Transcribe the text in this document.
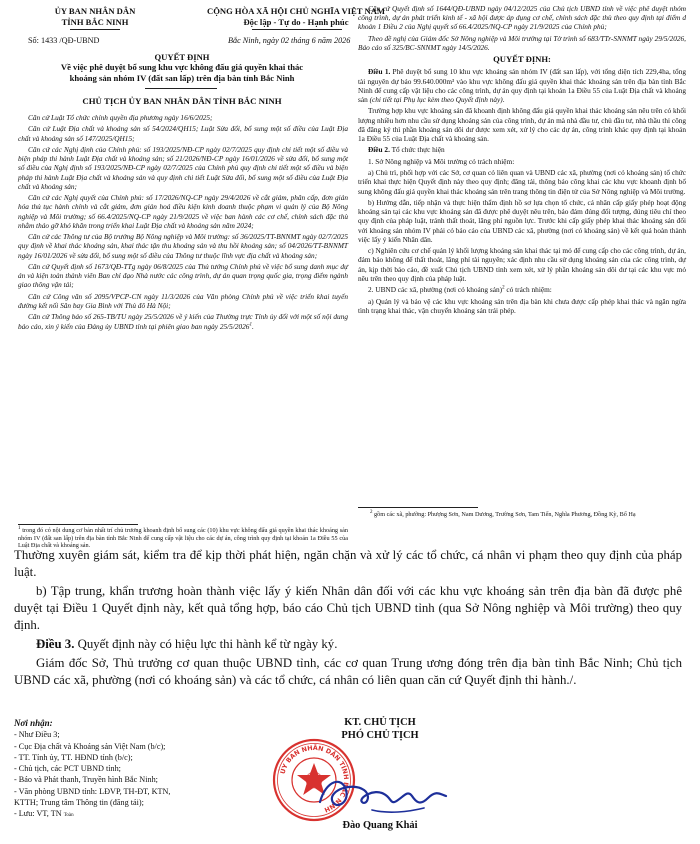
ỦY BAN NHÂN DÂN
TỈNH BẮC NINH
Số: 1433 /QĐ-UBND
CỘNG HÒA XÃ HỘI CHỦ NGHĨA VIỆT NAM
Độc lập - Tự do - Hạnh phúc
Bắc Ninh, ngày 02 tháng 6 năm 2026
QUYẾT ĐỊNH
Về việc phê duyệt bổ sung khu vực không đấu giá quyền khai thác
khoáng sản nhóm IV (đất san lấp) trên địa bàn tỉnh Bắc Ninh
CHỦ TỊCH ỦY BAN NHÂN DÂN TỈNH BẮC NINH

Căn cứ Luật Tổ chức chính quyền địa phương ngày 16/6/2025;

Căn cứ Luật Địa chất và khoáng sản số 54/2024/QH15; Luật Sửa đổi, bổ sung một số điều của Luật Địa chất và khoáng sản số 147/2025/QH15;

Căn cứ các Nghị định của Chính phủ: số 193/2025/NĐ-CP ngày 02/7/2025 quy định chi tiết một số điều và biện pháp thi hành Luật Địa chất và khoáng sản; số 21/2026/NĐ-CP ngày 16/01/2026 về sửa đổi, bổ sung một số điều của Nghị định số 193/2025/NĐ-CP ngày 02/7/2025 của Chính phủ quy định chi tiết một số điều và biện pháp thi hành Luật Địa chất và khoáng sản và quy định chi tiết Luật Sửa đổi, bổ sung một số điều của Luật Địa chất và khoáng sản;

Căn cứ các Nghị quyết của Chính phủ: số 17/2026/NQ-CP ngày 29/4/2026 về cắt giảm, phân cấp, đơn giản hóa thủ tục hành chính và cắt giảm, đơn giản hoá điều kiện kinh doanh thuộc phạm vi quản lý của Bộ Nông nghiệp và Môi trường; số 66.4/2025/NQ-CP ngày 21/9/2025 về việc ban hành các cơ chế, chính sách đặc thù nhằm tháo gỡ khó khăn trong triển khai Luật Địa chất và khoáng sản năm 2024;

Căn cứ các Thông tư của Bộ trưởng Bộ Nông nghiệp và Môi trường: số 36/2025/TT-BNNMT ngày 02/7/2025 quy định về khai thác khoáng sản, khai thác tận thu khoáng sản và thu hồi khoáng sản; số 04/2026/TT-BNNMT ngày 16/01/2026 về sửa đổi, bổ sung một số điều của Thông tư thuộc lĩnh vực địa chất và khoáng sản;

Căn cứ Quyết định số 1673/QĐ-TTg ngày 06/8/2025 của Thủ tướng Chính phủ về việc bổ sung danh mục dự án và kiện toàn thành viên Ban chỉ đạo Nhà nước các công trình, dự án quan trọng quốc gia, trọng điểm ngành giao thông vận tải;

Căn cứ Công văn số 2095/VPCP-CN ngày 11/3/2026 của Văn phòng Chính phủ về việc triển khai tuyến đường kết nối Sân bay Gia Bình với Thủ đô Hà Nội;

Căn cứ Thông báo số 265-TB/TU ngày 25/5/2026 về ý kiến của Thường trực Tỉnh ủy đối với một số nội dung báo cáo, xin ý kiến của Đảng ủy UBND tỉnh tại phiên giao ban ngày 25/5/2026$^1$.

$^1$ trong đó có nội dung cơ bản nhất trí chủ trương khoanh định bổ sung các (10) khu vực không đấu giá quyền khai thác khoáng sản nhóm IV (đất san lấp) trên địa bàn tỉnh Bắc Ninh để cung cấp vật liệu cho các dự án, công trình quy định tại khoản 1a Điều 55 của Luật Địa chất và khoáng sản.

Căn cứ Quyết định số 1644/QĐ-UBND ngày 04/12/2025 của Chủ tịch UBND tỉnh về việc phê duyệt nhóm công trình, dự án phát triển kinh tế - xã hội được áp dụng cơ chế, chính sách đặc thù theo quy định tại điểm d khoản 1 Điều 2 của Nghị quyết số 66.4/2025/NQ-CP ngày 21/9/2025 của Chính phủ;

Theo đề nghị của Giám đốc Sở Nông nghiệp và Môi trường tại Tờ trình số 683/TTr-SNNMT ngày 29/5/2026, Báo cáo số 325/BC-SNNMT ngày 14/5/2026.

QUYẾT ĐỊNH:

Điều 1. Phê duyệt bổ sung 10 khu vực khoáng sản nhóm IV (đất san lấp), với tổng diện tích 229,4ha, tổng tài nguyên dự báo 99.640.000m³ vào khu vực không đấu giá quyền khai thác khoáng sản trên địa bàn tỉnh Bắc Ninh để cung cấp vật liệu cho các công trình, dự án quy định tại khoản 1a Điều 55 của Luật Địa chất và khoáng sản (chi tiết tại Phụ lục kèm theo Quyết định này).

Trường hợp khu vực khoáng sản đã khoanh định không đấu giá quyền khai thác khoáng sản nêu trên có khối lượng nhiều hơn nhu cầu sử dụng khoáng sản của công trình, dự án mà nhà đầu tư, chủ đầu tư, nhà thầu thi công đã đăng ký thì phần khoáng sản dôi dư được xem xét, xử lý cho các dự án, công trình khác quy định tại khoản 1a Điều 55 của Luật Địa chất và khoáng sản.

Điều 2. Tổ chức thực hiện

1. Sở Nông nghiệp và Môi trường có trách nhiệm:

a) Chủ trì, phối hợp với các Sở, cơ quan có liên quan và UBND các xã, phường (nơi có khoáng sản) tổ chức triển khai thực hiện Quyết định này theo quy định; đăng tải, thông báo công khai các khu vực khoanh định bổ sung không đấu giá quyền khai thác khoáng sản trên trang thông tin điện tử của Sở Nông nghiệp và Môi trường.

b) Hướng dẫn, tiếp nhận và thực hiện thẩm định hồ sơ lựa chọn tổ chức, cá nhân cấp giấy phép hoạt động khoáng sản tại các khu vực khoáng sản đã được phê duyệt nêu trên, bảo đảm đúng đối tượng, đúng tiêu chí theo quy định của pháp luật, tránh thất thoát, lãng phí nguồn lực. Trước khi cấp giấy phép khai thác khoáng sản đối với khoáng sản nhóm IV phải có báo cáo của UBND các xã, phường (nơi có khoáng sản) về kết quả hoàn thành việc lấy ý kiến Nhân dân.

c) Nghiên cứu cơ chế quản lý khối lượng khoáng sản khai thác tại mỏ để cung cấp cho các công trình, dự án, đảm bảo không để thất thoát, lãng phí tài nguyên; xác định nhu cầu sử dụng khoáng sản của các công trình, dự án, kịp thời báo cáo, đề xuất Chủ tịch UBND tỉnh xem xét, xử lý phần khoáng sản dôi dư tại các khu vực mỏ nêu trên theo quy định của pháp luật.

2. UBND các xã, phường (nơi có khoáng sản)$^2$ có trách nhiệm:

a) Quản lý và bảo vệ các khu vực khoáng sản trên địa bàn khi chưa được cấp phép khai thác và ngăn ngừa tình trạng khai thác, vận chuyển khoáng sản trái phép.

$^2$ gồm các xã, phường: Phượng Sơn, Nam Dương, Trường Sơn, Tam Tiến, Nghĩa Phương, Đồng Kỳ, Bố Hạ

Thường xuyên giám sát, kiểm tra để kịp thời phát hiện, ngăn chặn và xử lý các tổ chức, cá nhân vi phạm theo quy định của pháp luật.

b) Tập trung, khẩn trương hoàn thành việc lấy ý kiến Nhân dân đối với các khu vực khoáng sản trên địa bàn đã được phê duyệt tại Điều 1 Quyết định này, kết quả tổng hợp, báo cáo Chủ tịch UBND tỉnh (qua Sở Nông nghiệp và Môi trường) theo quy định.

Điều 3. Quyết định này có hiệu lực thi hành kể từ ngày ký.

Giám đốc Sở, Thủ trưởng cơ quan thuộc UBND tỉnh, các cơ quan Trung ương đóng trên địa bàn tỉnh Bắc Ninh; Chủ tịch UBND các xã, phường (nơi có khoáng sản) và các tổ chức, cá nhân có liên quan căn cứ Quyết định thi hành./.

Nơi nhận:
- Như Điều 3;
- Cục Địa chất và Khoáng sản Việt Nam (b/c);
- TT. Tỉnh ủy, TT. HĐND tỉnh (b/c);
- Chủ tịch, các PCT UBND tỉnh;
- Báo và Phát thanh, Truyền hình Bắc Ninh;
- Văn phòng UBND tỉnh: LĐVP, TH-ĐT, KTN,
KTTH; Trung tâm Thông tin (đăng tải);
- Lưu: VT, TN Toàn
KT. CHỦ TỊCH
PHÓ CHỦ TỊCH
ỦY BAN NHÂN DÂN TỈNH BẮC NINH
Đào Quang Khải
